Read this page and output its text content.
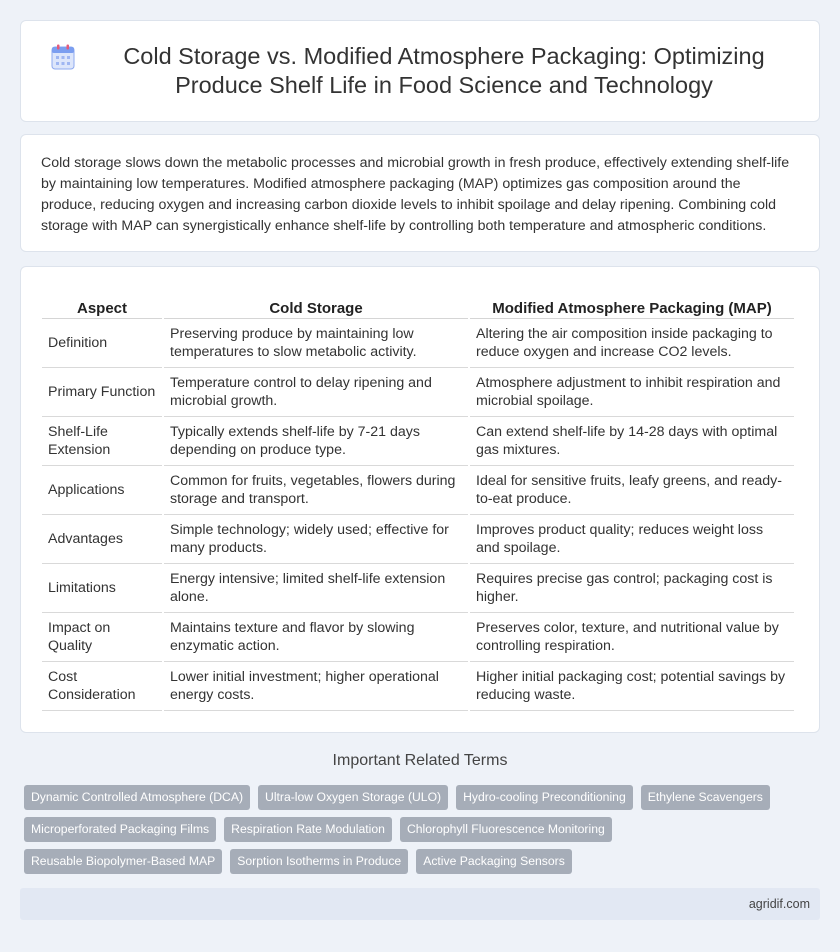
Cold Storage vs. Modified Atmosphere Packaging: Optimizing Produce Shelf Life in Food Science and Technology

Cold storage slows down the metabolic processes and microbial growth in fresh produce, effectively extending shelf-life by maintaining low temperatures. Modified atmosphere packaging (MAP) optimizes gas composition around the produce, reducing oxygen and increasing carbon dioxide levels to inhibit spoilage and delay ripening. Combining cold storage with MAP can synergistically enhance shelf-life by controlling both temperature and atmospheric conditions.

Aspect	Cold Storage	Modified Atmosphere Packaging (MAP)
Definition	Preserving produce by maintaining low temperatures to slow metabolic activity.	Altering the air composition inside packaging to reduce oxygen and increase CO2 levels.
Primary Function	Temperature control to delay ripening and microbial growth.	Atmosphere adjustment to inhibit respiration and microbial spoilage.
Shelf-Life Extension	Typically extends shelf-life by 7-21 days depending on produce type.	Can extend shelf-life by 14-28 days with optimal gas mixtures.
Applications	Common for fruits, vegetables, flowers during storage and transport.	Ideal for sensitive fruits, leafy greens, and ready-to-eat produce.
Advantages	Simple technology; widely used; effective for many products.	Improves product quality; reduces weight loss and spoilage.
Limitations	Energy intensive; limited shelf-life extension alone.	Requires precise gas control; packaging cost is higher.
Impact on Quality	Maintains texture and flavor by slowing enzymatic action.	Preserves color, texture, and nutritional value by controlling respiration.
Cost Consideration	Lower initial investment; higher operational energy costs.	Higher initial packaging cost; potential savings by reducing waste.
Important Related Terms
Dynamic Controlled Atmosphere (DCA)	Ultra-low Oxygen Storage (ULO)	Hydro-cooling Preconditioning	Ethylene Scavengers
Microperforated Packaging Films	Respiration Rate Modulation	Chlorophyll Fluorescence Monitoring
Reusable Biopolymer-Based MAP	Sorption Isotherms in Produce	Active Packaging Sensors
agridif.com
